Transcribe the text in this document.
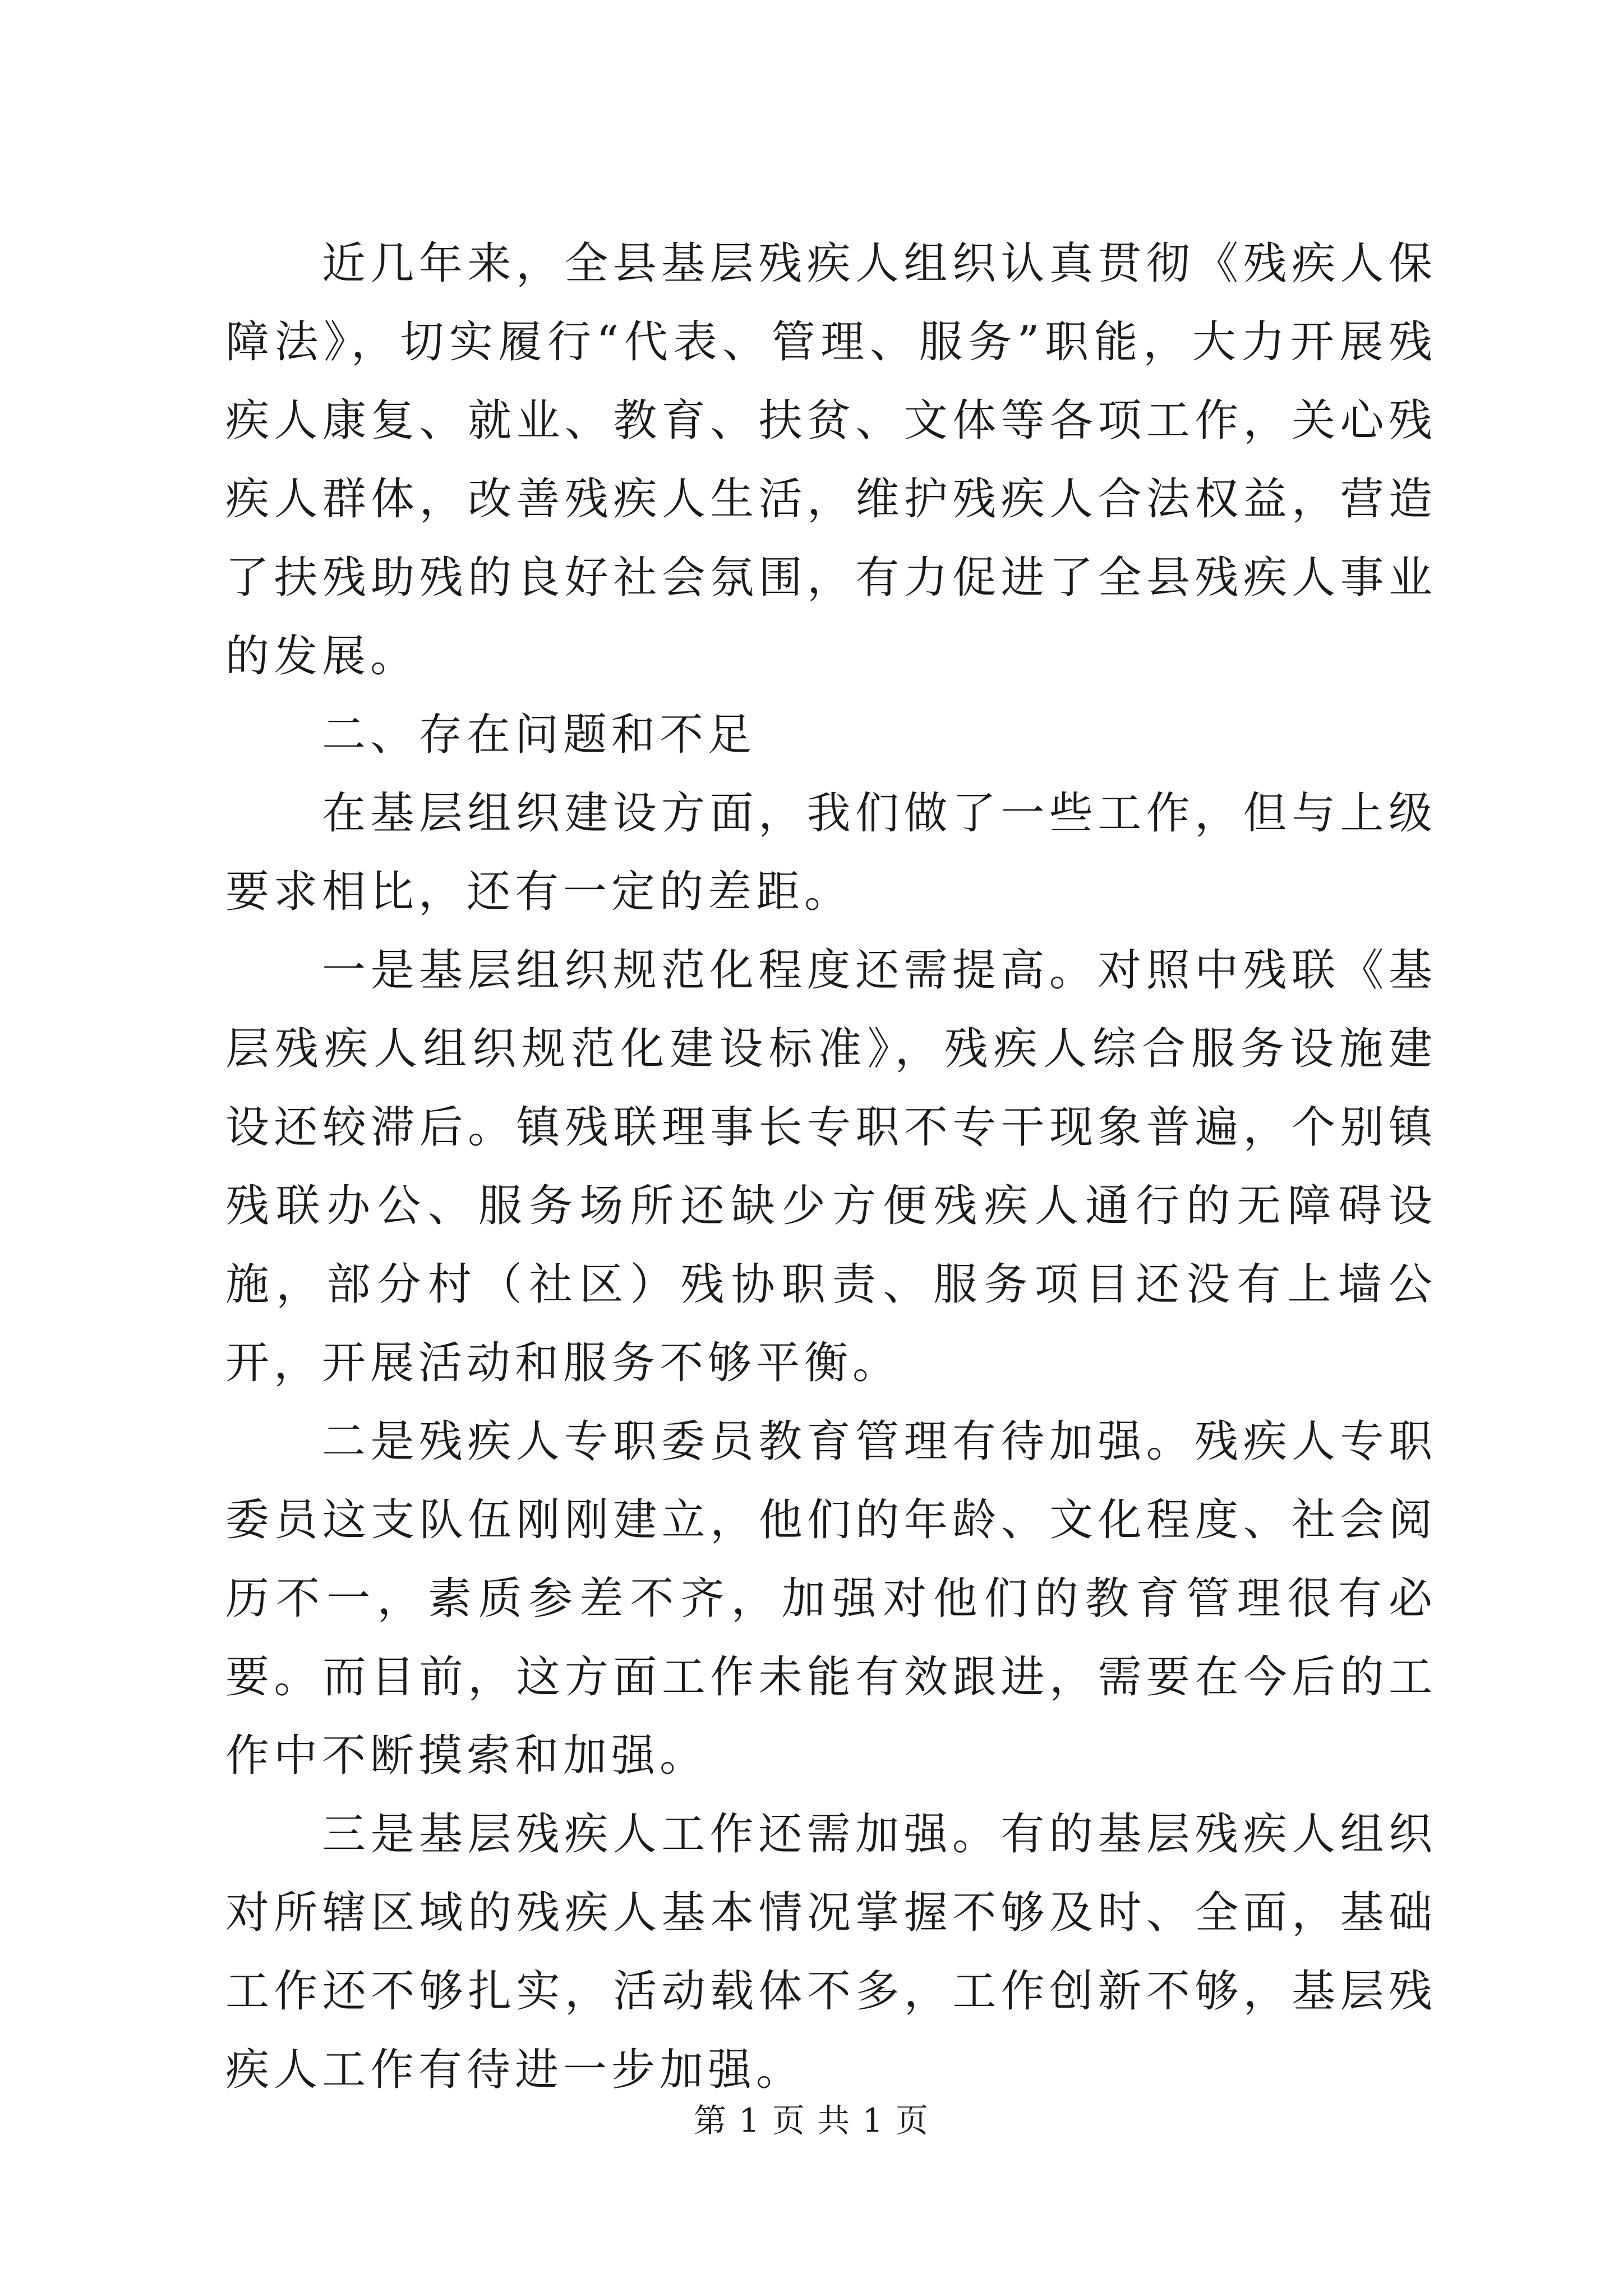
近几年来，全县基层残疾人组织认真贯彻《残疾人保障法》，切实履行“代表、管理、服务”职能，大力开展残疾人康复、就业、教育、扶贫、文体等各项工作，关心残疾人群体，改善残疾人生活，维护残疾人合法权益，营造了扶残助残的良好社会氛围，有力促进了全县残疾人事业的发展。

二、存在问题和不足

在基层组织建设方面，我们做了一些工作，但与上级要求相比，还有一定的差距。

一是基层组织规范化程度还需提高。对照中残联《基层残疾人组织规范化建设标准》，残疾人综合服务设施建设还较滞后。镇残联理事长专职不专干现象普遍，个别镇残联办公、服务场所还缺少方便残疾人通行的无障碍设施，部分村（社区）残协职责、服务项目还没有上墙公开，开展活动和服务不够平衡。

二是残疾人专职委员教育管理有待加强。残疾人专职委员这支队伍刚刚建立，他们的年龄、文化程度、社会阅历不一，素质参差不齐，加强对他们的教育管理很有必要。而目前，这方面工作未能有效跟进，需要在今后的工作中不断摸索和加强。

三是基层残疾人工作还需加强。有的基层残疾人组织对所辖区域的残疾人基本情况掌握不够及时、全面，基础工作还不够扎实，活动载体不多，工作创新不够，基层残疾人工作有待进一步加强。

第 1 页 共 1 页
